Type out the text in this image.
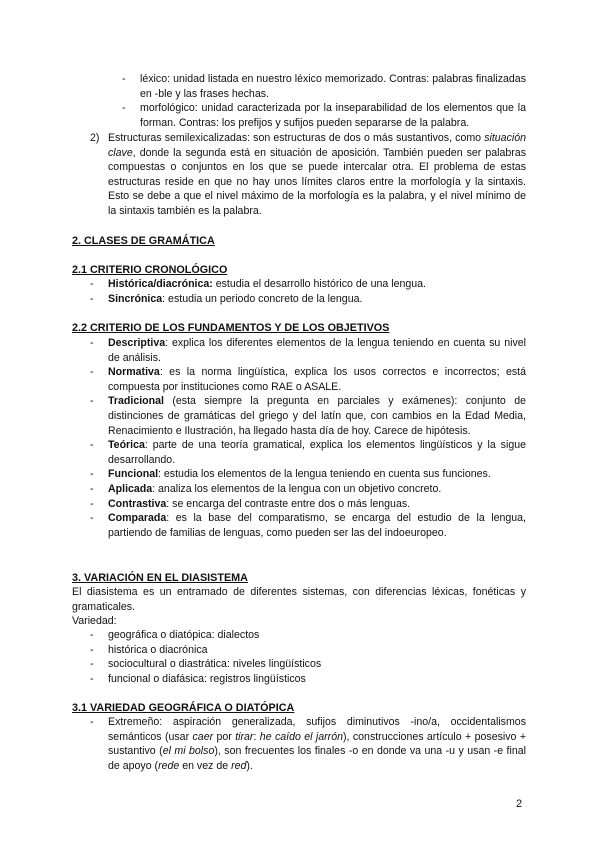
- léxico: unidad listada en nuestro léxico memorizado. Contras: palabras finalizadas en -ble y las frases hechas.
- morfológico: unidad caracterizada por la inseparabilidad de los elementos que la forman. Contras: los prefijos y sufijos pueden separarse de la palabra.
2) Estructuras semilexicalizadas: son estructuras de dos o más sustantivos, como situación clave, donde la segunda está en situación de aposición. También pueden ser palabras compuestas o conjuntos en los que se puede intercalar otra. El problema de estas estructuras reside en que no hay unos límites claros entre la morfología y la sintaxis. Esto se debe a que el nivel máximo de la morfología es la palabra, y el nivel mínimo de la sintaxis también es la palabra.
2. CLASES DE GRAMÁTICA
2.1 CRITERIO CRONOLÓGICO
- Histórica/diacrónica: estudia el desarrollo histórico de una lengua.
- Sincrónica: estudia un periodo concreto de la lengua.
2.2 CRITERIO DE LOS FUNDAMENTOS Y DE LOS OBJETIVOS
- Descriptiva: explica los diferentes elementos de la lengua teniendo en cuenta su nivel de análisis.
- Normativa: es la norma lingüística, explica los usos correctos e incorrectos; está compuesta por instituciones como RAE o ASALE.
- Tradicional (esta siempre la pregunta en parciales y exámenes): conjunto de distinciones de gramáticas del griego y del latín que, con cambios en la Edad Media, Renacimiento e Ilustración, ha llegado hasta día de hoy. Carece de hipótesis.
- Teórica: parte de una teoría gramatical, explica los elementos lingüísticos y la sigue desarrollando.
- Funcional: estudia los elementos de la lengua teniendo en cuenta sus funciones.
- Aplicada: analiza los elementos de la lengua con un objetivo concreto.
- Contrastiva: se encarga del contraste entre dos o más lenguas.
- Comparada: es la base del comparatismo, se encarga del estudio de la lengua, partiendo de familias de lenguas, como pueden ser las del indoeuropeo.
3. VARIACIÓN EN EL DIASISTEMA
El diasistema es un entramado de diferentes sistemas, con diferencias léxicas, fonéticas y gramaticales.
Variedad:
- geográfica o diatópica: dialectos
- histórica o diacrónica
- sociocultural o diastrática: niveles lingüísticos
- funcional o diafásica: registros lingüísticos
3.1 VARIEDAD GEOGRÁFICA O DIATÓPICA
- Extremeño: aspiración generalizada, sufijos diminutivos -ino/a, occidentalismos semánticos (usar caer por tirar: he caído el jarrón), construcciones artículo + posesivo + sustantivo (el mi bolso), son frecuentes los finales -o en donde va una -u y usan -e final de apoyo (rede en vez de red).
2
